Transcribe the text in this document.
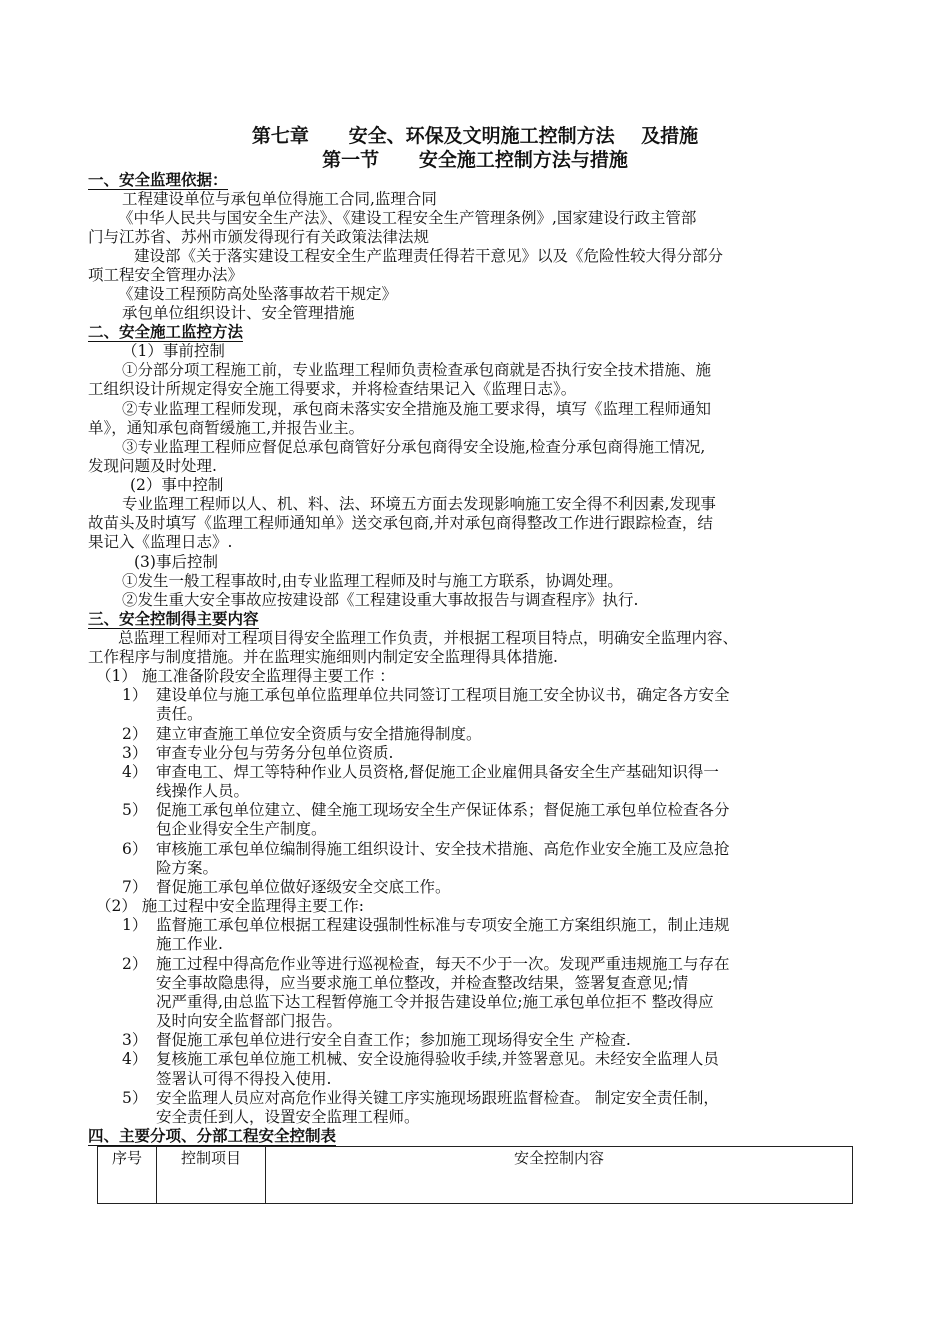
第七章      安全、环保及文明施工控制方法    及措施
第一节      安全施工控制方法与措施
一、安全监理依据：
工程建设单位与承包单位得施工合同,监理合同
《中华人民共与国安全生产法》、《建设工程安全生产管理条例》,国家建设行政主管部
门与江苏省、苏州市颁发得现行有关政策法律法规
建设部《关于落实建设工程安全生产监理责任得若干意见》以及《危险性较大得分部分
项工程安全管理办法》
《建设工程预防高处坠落事故若干规定》
承包单位组织设计、安全管理措施
二、安全施工监控方法
（1）事前控制
①分部分项工程施工前，专业监理工程师负责检查承包商就是否执行安全技术措施、施
工组织设计所规定得安全施工得要求，并将检查结果记入《监理日志》。
②专业监理工程师发现，承包商未落实安全措施及施工要求得，填写《监理工程师通知
单》，通知承包商暂缓施工,并报告业主。
③专业监理工程师应督促总承包商管好分承包商得安全设施,检查分承包商得施工情况,
发现问题及时处理.
(2）事中控制
专业监理工程师以人、机、料、法、环境五方面去发现影响施工安全得不利因素,发现事
故苗头及时填写《监理工程师通知单》送交承包商,并对承包商得整改工作进行跟踪检查，结
果记入《监理日志》.
(3)事后控制
①发生一般工程事故时,由专业监理工程师及时与施工方联系，协调处理。
②发生重大安全事故应按建设部《工程建设重大事故报告与调查程序》执行.
三、安全控制得主要内容
总监理工程师对工程项目得安全监理工作负责，并根据工程项目特点，明确安全监理内容、
工作程序与制度措施。并在监理实施细则内制定安全监理得具体措施.
（1） 施工准备阶段安全监理得主要工作 ：
1） 建设单位与施工承包单位监理单位共同签订工程项目施工安全协议书，确定各方安全
责任。
2） 建立审查施工单位安全资质与安全措施得制度。
3） 审查专业分包与劳务分包单位资质.
4） 审查电工、焊工等特种作业人员资格,督促施工企业雇佣具备安全生产基础知识得一
线操作人员。
5） 促施工承包单位建立、健全施工现场安全生产保证体系；督促施工承包单位检查各分
包企业得安全生产制度。
6） 审核施工承包单位编制得施工组织设计、安全技术措施、高危作业安全施工及应急抢
险方案。
7） 督促施工承包单位做好逐级安全交底工作。
（2） 施工过程中安全监理得主要工作:
1） 监督施工承包单位根据工程建设强制性标准与专项安全施工方案组织施工，制止违规
施工作业.
2） 施工过程中得高危作业等进行巡视检查，每天不少于一次。发现严重违规施工与存在
安全事故隐患得，应当要求施工单位整改，并检查整改结果，签署复查意见;情
况严重得,由总监下达工程暂停施工令并报告建设单位;施工承包单位拒不 整改得应
及时向安全监督部门报告。
3） 督促施工承包单位进行安全自查工作；参加施工现场得安全生 产检查.
4） 复核施工承包单位施工机械、安全设施得验收手续,并签署意见。未经安全监理人员
签署认可得不得投入使用.
5） 安全监理人员应对高危作业得关键工序实施现场跟班监督检查。 制定安全责任制，
安全责任到人，设置安全监理工程师。
四、主要分项、分部工程安全控制表
序号	控制项目	安全控制内容
